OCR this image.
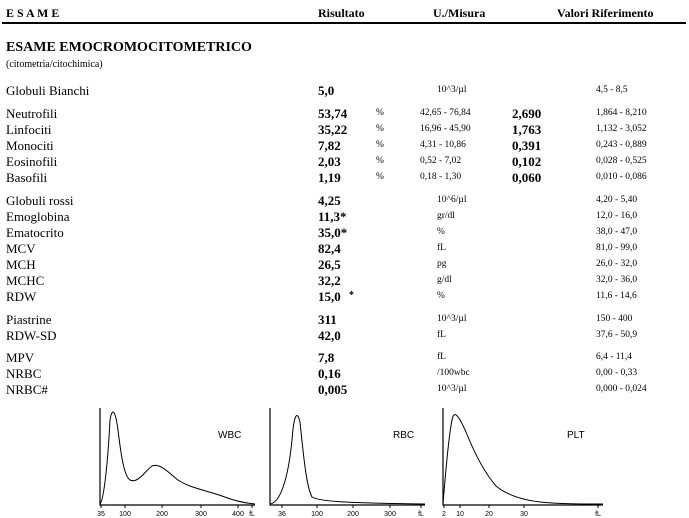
E S A M E	Risultato	U./Misura	Valori Riferimento
ESAME EMOCROMOCITOMETRICO
(citometria/citochimica)
Globuli Bianchi	5,0	10^3/µl	4,5 - 8,5
Neutrofili	53,74	%	42,65 - 76,84	2,690	1,864 - 8,210
Linfociti	35,22	%	16,96 - 45,90	1,763	1,132 - 3,052
Monociti	7,82	%	4,31 - 10,86	0,391	0,243 - 0,889
Eosinofili	2,03	%	0,52 - 7,02	0,102	0,028 - 0,525
Basofili	1,19	%	0,18 - 1,30	0,060	0,010 - 0,086
Globuli rossi	4,25	10^6/µl	4,20 - 5,40
Emoglobina	11,3*	gr/dl	12,0 - 16,0
Ematocrito	35,0*	%	38,0 - 47,0
MCV	82,4	fL	81,0 - 99,0
MCH	26,5	pg	26,0 - 32,0
MCHC	32,2	g/dl	32,0 - 36,0
RDW	15,0 *	%	11,6 - 14,6
Piastrine	311	10^3/µl	150 - 400
RDW-SD	42,0	fL	37,6 - 50,9
MPV	7,8	fL	6,4 - 11,4
NRBC	0,16	/100wbc	0,00 - 0,33
NRBC#	0,005	10^3/µl	0,000 - 0,024
WBC
35 100	200	300	400 fL
RBC
36	100	200	300	fL
PLT
2 10	20	30	fL
